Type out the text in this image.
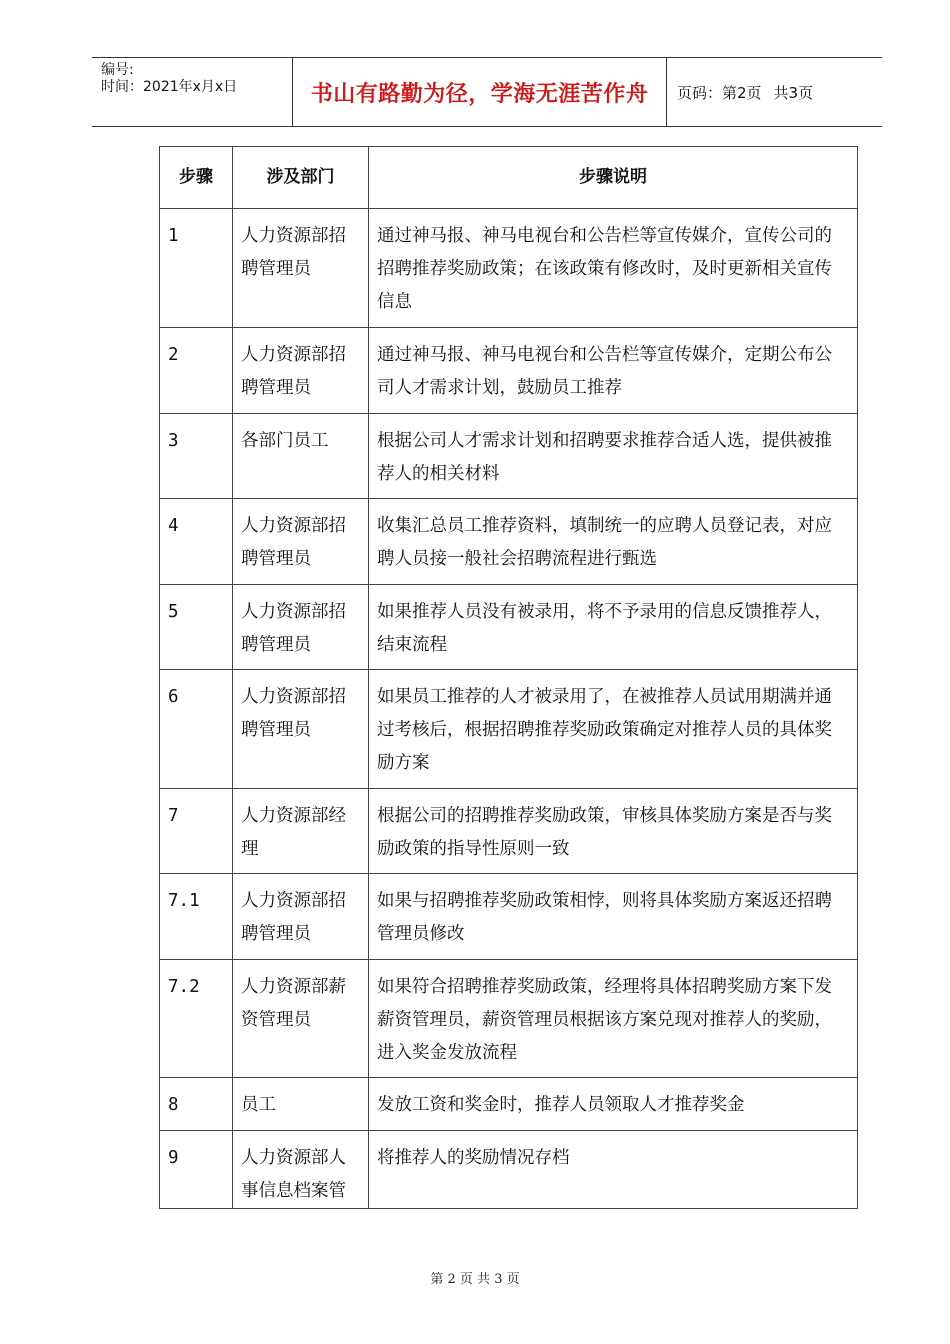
编号:
时间：2021年x月x日	书山有路勤为径，学海无涯苦作舟	页码：第2页 共3页
步骤	涉及部门	步骤说明
1	人力资源部招聘管理员	通过神马报、神马电视台和公告栏等宣传媒介，宣传公司的招聘推荐奖励政策；在该政策有修改时，及时更新相关宣传信息
2	人力资源部招聘管理员	通过神马报、神马电视台和公告栏等宣传媒介，定期公布公司人才需求计划，鼓励员工推荐
3	各部门员工	根据公司人才需求计划和招聘要求推荐合适人选，提供被推荐人的相关材料
4	人力资源部招聘管理员	收集汇总员工推荐资料，填制统一的应聘人员登记表，对应聘人员接一般社会招聘流程进行甄选
5	人力资源部招聘管理员	如果推荐人员没有被录用，将不予录用的信息反馈推荐人，结束流程
6	人力资源部招聘管理员	如果员工推荐的人才被录用了，在被推荐人员试用期满并通过考核后，根据招聘推荐奖励政策确定对推荐人员的具体奖励方案
7	人力资源部经理	根据公司的招聘推荐奖励政策，审核具体奖励方案是否与奖励政策的指导性原则一致
7.1	人力资源部招聘管理员	如果与招聘推荐奖励政策相悖，则将具体奖励方案返还招聘管理员修改
7.2	人力资源部薪资管理员	如果符合招聘推荐奖励政策，经理将具体招聘奖励方案下发薪资管理员，薪资管理员根据该方案兑现对推荐人的奖励，进入奖金发放流程
8	员工	发放工资和奖金时，推荐人员领取人才推荐奖金
9	人力资源部人事信息档案管	将推荐人的奖励情况存档
第 2 页 共 3 页
